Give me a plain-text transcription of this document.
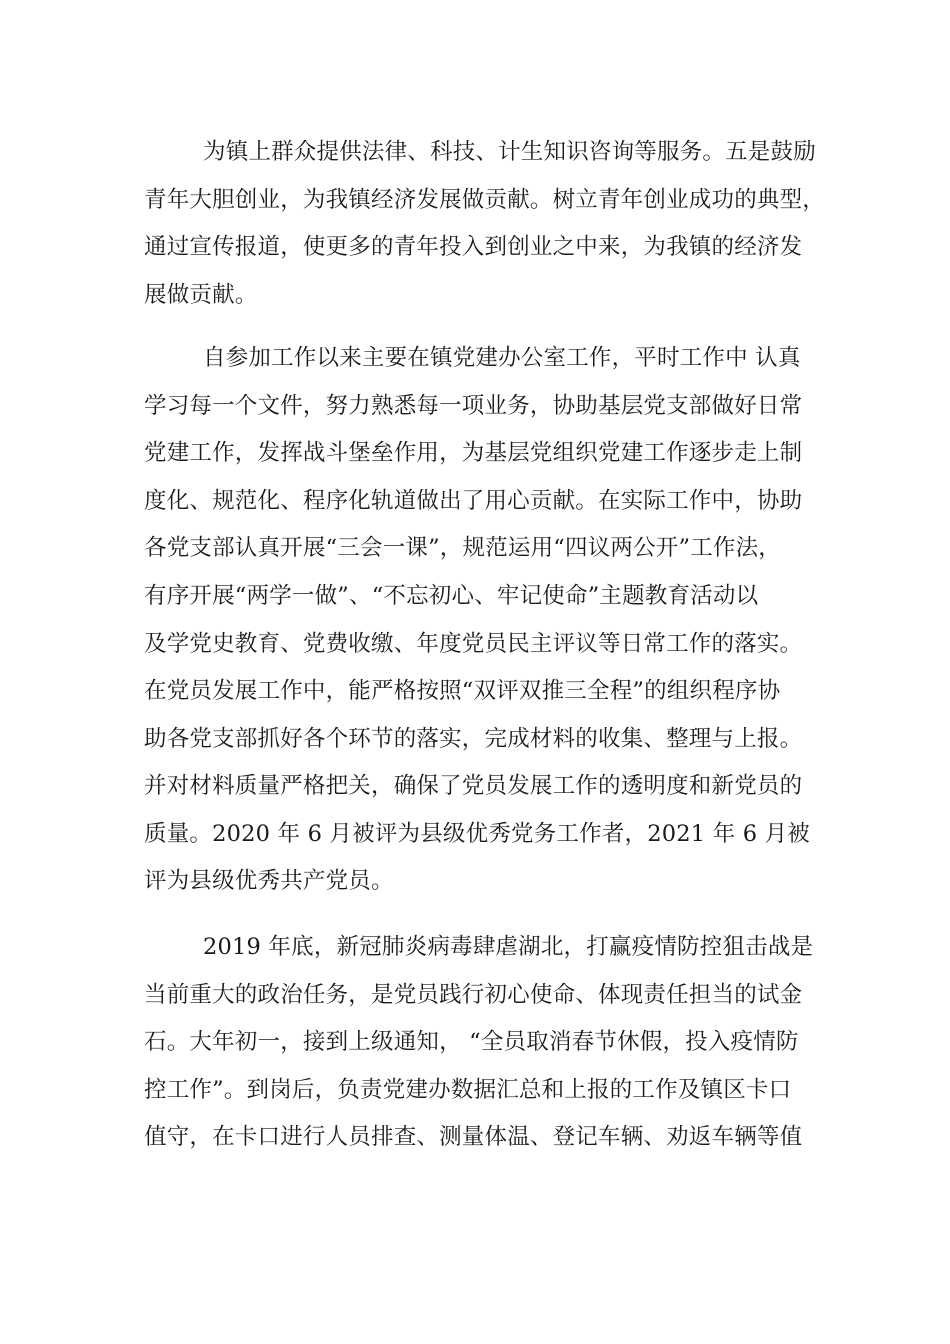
为镇上群众提供法律、科技、计生知识咨询等服务。五是鼓励
青年大胆创业，为我镇经济发展做贡献。树立青年创业成功的典型，
通过宣传报道，使更多的青年投入到创业之中来，为我镇的经济发
展做贡献。
自参加工作以来主要在镇党建办公室工作，平时工作中 认真
学习每一个文件，努力熟悉每一项业务，协助基层党支部做好日常
党建工作，发挥战斗堡垒作用，为基层党组织党建工作逐步走上制
度化、规范化、程序化轨道做出了用心贡献。在实际工作中，协助
各党支部认真开展“三会一课”，规范运用“四议两公开”工作法，
有序开展“两学一做”、“不忘初心、牢记使命”主题教育活动以
及学党史教育、党费收缴、年度党员民主评议等日常工作的落实。
在党员发展工作中，能严格按照“双评双推三全程”的组织程序协
助各党支部抓好各个环节的落实，完成材料的收集、整理与上报。
并对材料质量严格把关，确保了党员发展工作的透明度和新党员的
质量。2020 年 6 月被评为县级优秀党务工作者，2021 年 6 月被
评为县级优秀共产党员。
2019 年底，新冠肺炎病毒肆虐湖北，打赢疫情防控狙击战是
当前重大的政治任务，是党员践行初心使命、体现责任担当的试金
石。大年初一，接到上级通知， “全员取消春节休假，投入疫情防
控工作”。到岗后，负责党建办数据汇总和上报的工作及镇区卡口
值守，在卡口进行人员排查、测量体温、登记车辆、劝返车辆等值
